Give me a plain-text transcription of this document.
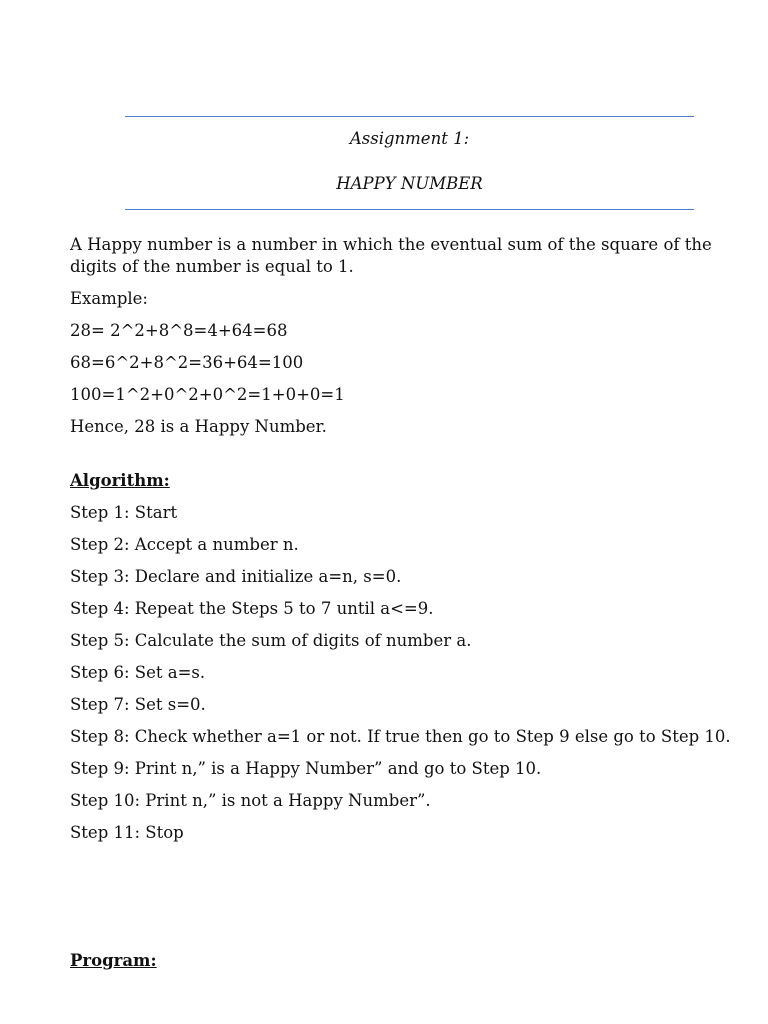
Assignment 1:
HAPPY NUMBER

A Happy number is a number in which the eventual sum of the square of the digits of the number is equal to 1.

Example:

28= 2^2+8^8=4+64=68

68=6^2+8^2=36+64=100

100=1^2+0^2+0^2=1+0+0=1

Hence, 28 is a Happy Number.

Algorithm:

Step 1: Start

Step 2: Accept a number n.

Step 3: Declare and initialize a=n, s=0.

Step 4: Repeat the Steps 5 to 7 until a<=9.

Step 5: Calculate the sum of digits of number a.

Step 6: Set a=s.

Step 7: Set s=0.

Step 8: Check whether a=1 or not. If true then go to Step 9 else go to Step 10.

Step 9: Print n,” is a Happy Number” and go to Step 10.

Step 10: Print n,” is not a Happy Number”.

Step 11: Stop

Program:
